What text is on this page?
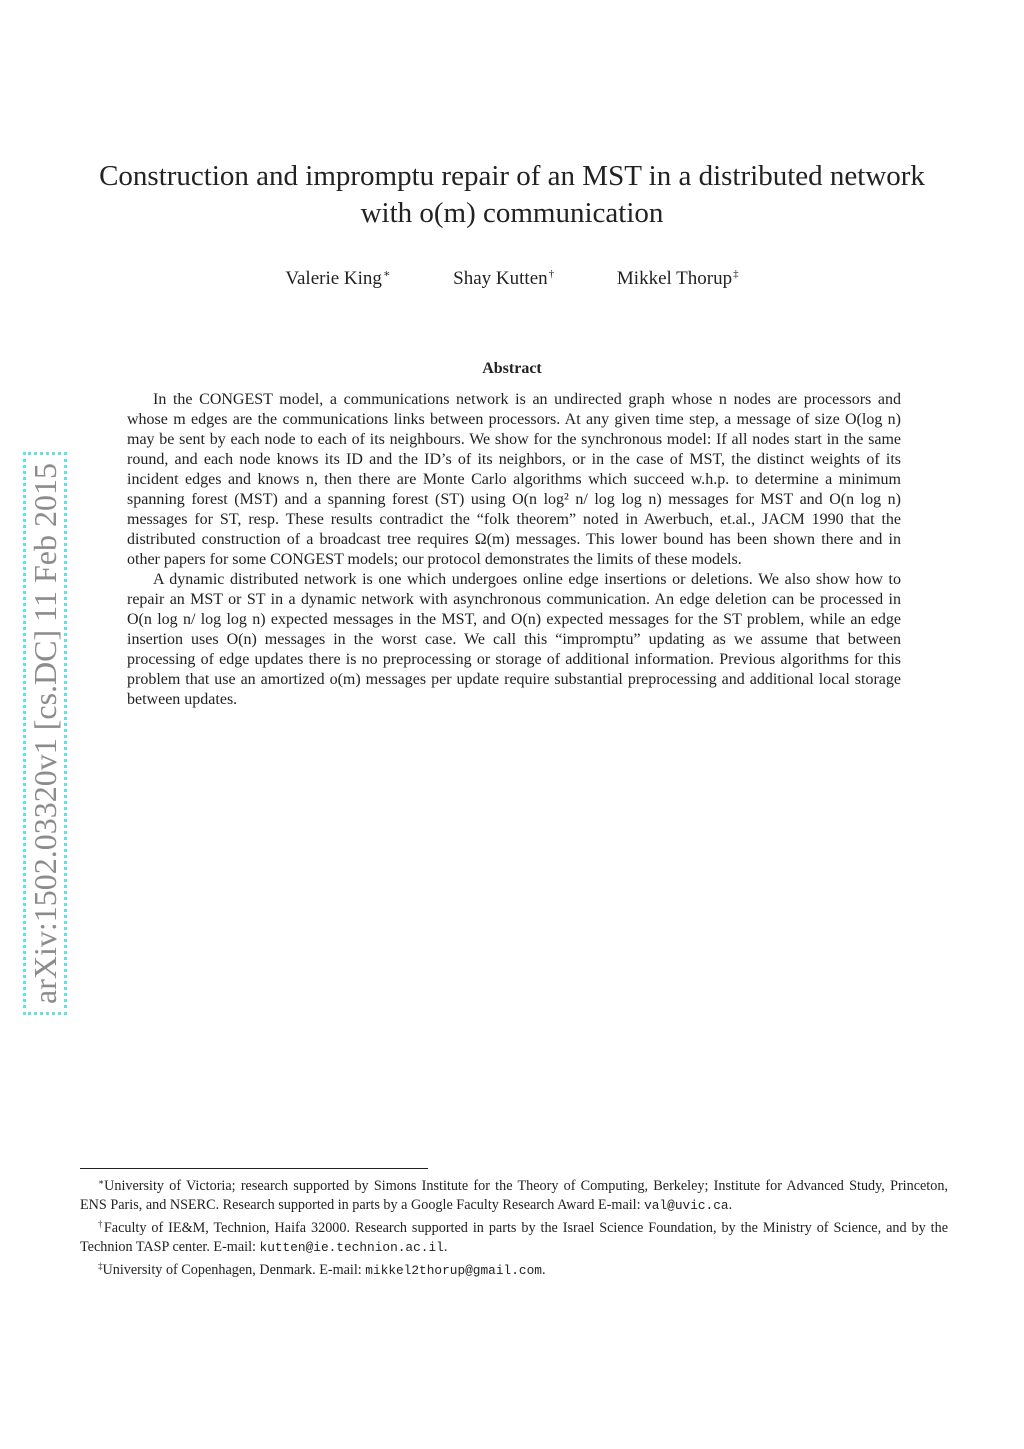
Construction and impromptu repair of an MST in a distributed network
with o(m) communication
Valerie King∗	Shay Kutten†	Mikkel Thorup‡
Abstract

In the CONGEST model, a communications network is an undirected graph whose n nodes are processors and whose m edges are the communications links between processors. At any given time step, a message of size O(log n) may be sent by each node to each of its neighbours. We show for the synchronous model: If all nodes start in the same round, and each node knows its ID and the ID’s of its neighbors, or in the case of MST, the distinct weights of its incident edges and knows n, then there are Monte Carlo algorithms which succeed w.h.p. to determine a minimum spanning forest (MST) and a spanning forest (ST) using O(n log² n/ log log n) messages for MST and O(n log n) messages for ST, resp. These results contradict the “folk theorem” noted in Awerbuch, et.al., JACM 1990 that the distributed construction of a broadcast tree requires Ω(m) messages. This lower bound has been shown there and in other papers for some CONGEST models; our protocol demonstrates the limits of these models.

A dynamic distributed network is one which undergoes online edge insertions or deletions. We also show how to repair an MST or ST in a dynamic network with asynchronous communication. An edge deletion can be processed in O(n log n/ log log n) expected messages in the MST, and O(n) expected messages for the ST problem, while an edge insertion uses O(n) messages in the worst case. We call this “impromptu” updating as we assume that between processing of edge updates there is no preprocessing or storage of additional information. Previous algorithms for this problem that use an amortized o(m) messages per update require substantial preprocessing and additional local storage between updates.

arXiv:1502.03320v1 [cs.DC] 11 Feb 2015

∗University of Victoria; research supported by Simons Institute for the Theory of Computing, Berkeley; Institute for Advanced Study, Princeton, ENS Paris, and NSERC. Research supported in parts by a Google Faculty Research Award E-mail: val@uvic.ca.

†Faculty of IE&M, Technion, Haifa 32000. Research supported in parts by the Israel Science Foundation, by the Ministry of Science, and by the Technion TASP center. E-mail: kutten@ie.technion.ac.il.

‡University of Copenhagen, Denmark. E-mail: mikkel2thorup@gmail.com.
